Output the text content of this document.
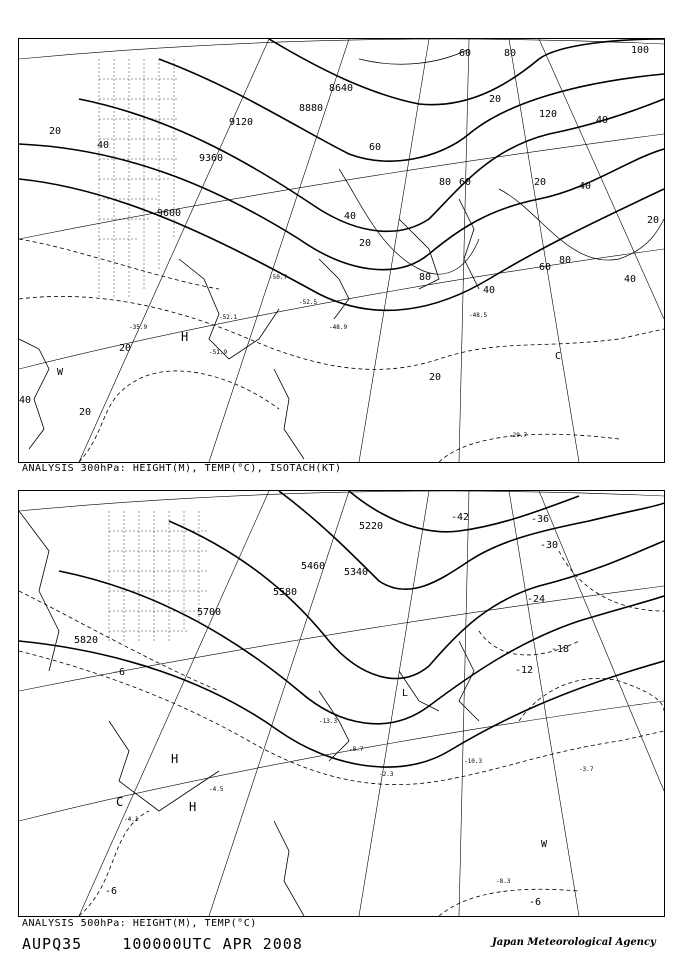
9600
9360
9120
8880
8640
20
40
60	80	100
120
20
40
60
80
40
20
20
20
20
40
60
80
20	40
60
80	40
20
40
H
W
C
-52.5
-48.9
-50.7
-35.9
-52.1
-51.9
-48.5
-29.7
ANALYSIS 300hPa: HEIGHT(M), TEMP(°C), ISOTACH(KT)
5820
5700
5580
5460
5340
5220
-6	-12
-18
-24
-30
-36
-42
-6
-6
H
H
C
W
L
-13.3
-8.7
-4.5
-2.3
-10.3
-8.3
-4.1
-3.7
ANALYSIS 500hPa: HEIGHT(M), TEMP(°C)
AUPQ35	100000UTC APR 2008	Japan Meteorological Agency
